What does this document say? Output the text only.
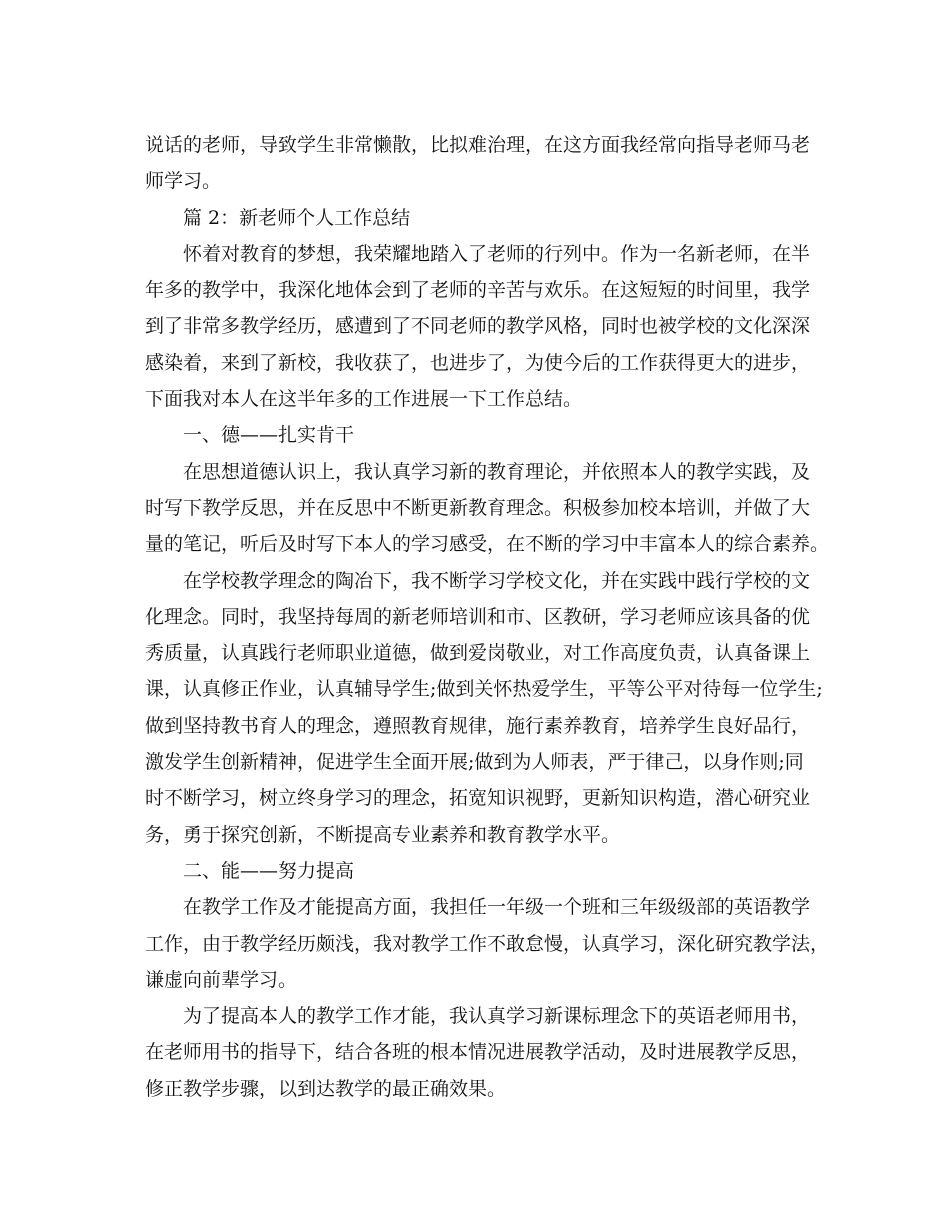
说话的老师，导致学生非常懒散，比拟难治理，在这方面我经常向指导老师马老
师学习。
篇 2：新老师个人工作总结
怀着对教育的梦想，我荣耀地踏入了老师的行列中。作为一名新老师，在半
年多的教学中，我深化地体会到了老师的辛苦与欢乐。在这短短的时间里，我学
到了非常多教学经历，感遭到了不同老师的教学风格，同时也被学校的文化深深
感染着，来到了新校，我收获了，也进步了，为使今后的工作获得更大的进步，
下面我对本人在这半年多的工作进展一下工作总结。
一、德——扎实肯干
在思想道德认识上，我认真学习新的教育理论，并依照本人的教学实践，及
时写下教学反思，并在反思中不断更新教育理念。积极参加校本培训，并做了大
量的笔记，听后及时写下本人的学习感受，在不断的学习中丰富本人的综合素养。
在学校教学理念的陶冶下，我不断学习学校文化，并在实践中践行学校的文
化理念。同时，我坚持每周的新老师培训和市、区教研，学习老师应该具备的优
秀质量，认真践行老师职业道德，做到爱岗敬业，对工作高度负责，认真备课上
课，认真修正作业，认真辅导学生;做到关怀热爱学生，平等公平对待每一位学生;
做到坚持教书育人的理念，遵照教育规律，施行素养教育，培养学生良好品行，
激发学生创新精神，促进学生全面开展;做到为人师表，严于律己，以身作则;同
时不断学习，树立终身学习的理念，拓宽知识视野，更新知识构造，潜心研究业
务，勇于探究创新，不断提高专业素养和教育教学水平。
二、能——努力提高
在教学工作及才能提高方面，我担任一年级一个班和三年级级部的英语教学
工作，由于教学经历颇浅，我对教学工作不敢怠慢，认真学习，深化研究教学法，
谦虚向前辈学习。
为了提高本人的教学工作才能，我认真学习新课标理念下的英语老师用书，
在老师用书的指导下，结合各班的根本情况进展教学活动，及时进展教学反思，
修正教学步骤，以到达教学的最正确效果。
